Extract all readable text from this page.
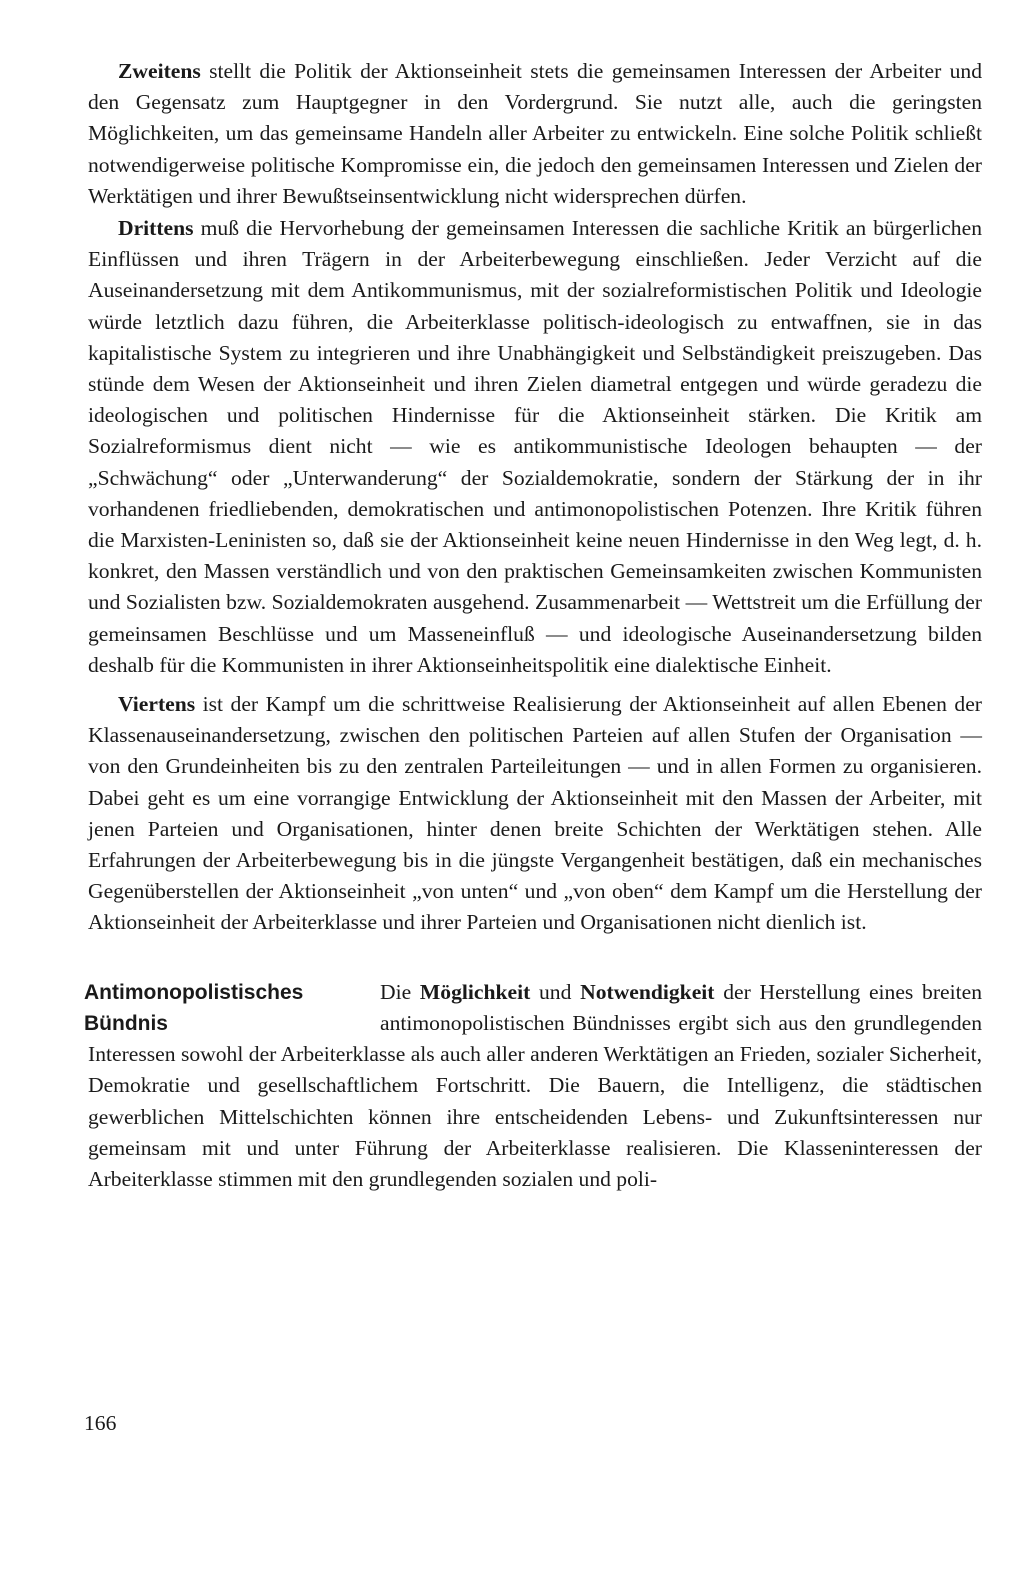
Zweitens stellt die Politik der Aktionseinheit stets die gemeinsamen Interessen der Arbeiter und den Gegensatz zum Hauptgegner in den Vordergrund. Sie nutzt alle, auch die geringsten Möglichkeiten, um das gemeinsame Handeln aller Arbeiter zu entwickeln. Eine solche Politik schließt notwendigerweise politische Kompromisse ein, die jedoch den gemeinsamen Interessen und Zielen der Werktätigen und ihrer Bewußtseinsentwicklung nicht widersprechen dürfen.

Drittens muß die Hervorhebung der gemeinsamen Interessen die sachliche Kritik an bürgerlichen Einflüssen und ihren Trägern in der Arbeiterbewegung einschließen. Jeder Verzicht auf die Auseinandersetzung mit dem Antikommunismus, mit der sozialreformistischen Politik und Ideologie würde letztlich dazu führen, die Arbeiterklasse politisch-ideologisch zu entwaffnen, sie in das kapitalistische System zu integrieren und ihre Unabhängigkeit und Selbständigkeit preiszugeben. Das stünde dem Wesen der Aktionseinheit und ihren Zielen diametral entgegen und würde geradezu die ideologischen und politischen Hindernisse für die Aktionseinheit stärken. Die Kritik am Sozialreformismus dient nicht — wie es antikommunistische Ideologen behaupten — der „Schwächung“ oder „Unterwanderung“ der Sozialdemokratie, sondern der Stärkung der in ihr vorhandenen friedliebenden, demokratischen und antimonopolistischen Potenzen. Ihre Kritik führen die Marxisten-Leninisten so, daß sie der Aktionseinheit keine neuen Hindernisse in den Weg legt, d. h. konkret, den Massen verständlich und von den praktischen Gemeinsamkeiten zwischen Kommunisten und Sozialisten bzw. Sozialdemokraten ausgehend. Zusammenarbeit — Wettstreit um die Erfüllung der gemeinsamen Beschlüsse und um Masseneinfluß — und ideologische Auseinandersetzung bilden deshalb für die Kommunisten in ihrer Aktionseinheitspolitik eine dialektische Einheit.

Viertens ist der Kampf um die schrittweise Realisierung der Aktionseinheit auf allen Ebenen der Klassenauseinandersetzung, zwischen den politischen Parteien auf allen Stufen der Organisation — von den Grundeinheiten bis zu den zentralen Parteileitungen — und in allen Formen zu organisieren. Dabei geht es um eine vorrangige Entwicklung der Aktionseinheit mit den Massen der Arbeiter, mit jenen Parteien und Organisationen, hinter denen breite Schichten der Werktätigen stehen. Alle Erfahrungen der Arbeiterbewegung bis in die jüngste Vergangenheit bestätigen, daß ein mechanisches Gegenüberstellen der Aktionseinheit „von unten“ und „von oben“ dem Kampf um die Herstellung der Aktionseinheit der Arbeiterklasse und ihrer Parteien und Organisationen nicht dienlich ist.

Antimonopolistisches Bündnis

Die Möglichkeit und Notwendigkeit der Herstellung eines breiten antimonopolistischen Bündnisses ergibt sich aus den grundlegenden Interessen sowohl der Arbeiterklasse als auch aller anderen Werktätigen an Frieden, sozialer Sicherheit, Demokratie und gesellschaftlichem Fortschritt. Die Bauern, die Intelligenz, die städtischen gewerblichen Mittelschichten können ihre entscheidenden Lebens- und Zukunftsinteressen nur gemeinsam mit und unter Führung der Arbeiterklasse realisieren. Die Klasseninteressen der Arbeiterklasse stimmen mit den grundlegenden sozialen und poli-

166
